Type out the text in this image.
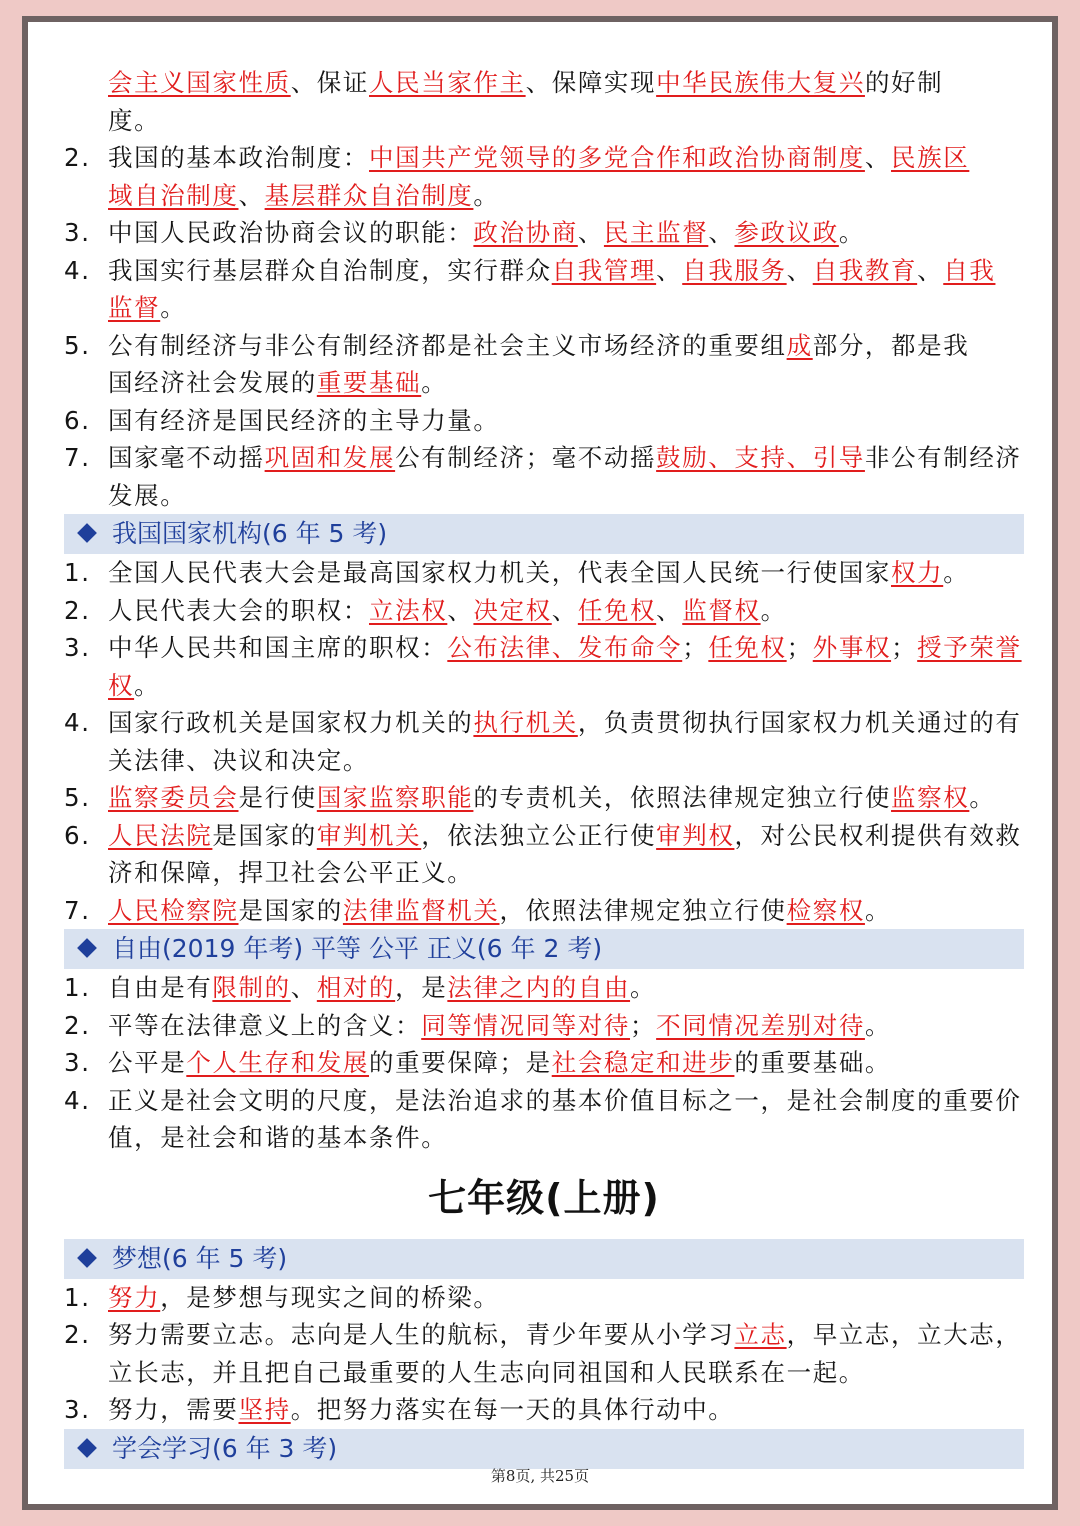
会主义国家性质、保证人民当家作主、保障实现中华民族伟大复兴的好制
度。
2. 我国的基本政治制度：中国共产党领导的多党合作和政治协商制度、民族区
域自治制度、基层群众自治制度。
3. 中国人民政治协商会议的职能：政治协商、民主监督、参政议政。
4. 我国实行基层群众自治制度，实行群众自我管理、自我服务、自我教育、自我
监督。
5. 公有制经济与非公有制经济都是社会主义市场经济的重要组成部分，都是我
国经济社会发展的重要基础。
6. 国有经济是国民经济的主导力量。
7. 国家毫不动摇巩固和发展公有制经济；毫不动摇鼓励、支持、引导非公有制经济
发展。
我国国家机构(6 年 5 考)
1. 全国人民代表大会是最高国家权力机关，代表全国人民统一行使国家权力。
2. 人民代表大会的职权：立法权、决定权、任免权、监督权。
3. 中华人民共和国主席的职权：公布法律、发布命令；任免权；外事权；授予荣誉
权。
4. 国家行政机关是国家权力机关的执行机关，负责贯彻执行国家权力机关通过的有
关法律、决议和决定。
5. 监察委员会是行使国家监察职能的专责机关，依照法律规定独立行使监察权。
6. 人民法院是国家的审判机关，依法独立公正行使审判权，对公民权利提供有效救
济和保障，捍卫社会公平正义。
7. 人民检察院是国家的法律监督机关，依照法律规定独立行使检察权。
自由(2019 年考) 平等 公平 正义(6 年 2 考)
1. 自由是有限制的、相对的，是法律之内的自由。
2. 平等在法律意义上的含义：同等情况同等对待；不同情况差别对待。
3. 公平是个人生存和发展的重要保障；是社会稳定和进步的重要基础。
4. 正义是社会文明的尺度，是法治追求的基本价值目标之一，是社会制度的重要价
值，是社会和谐的基本条件。
七年级(上册)
梦想(6 年 5 考)
1. 努力，是梦想与现实之间的桥梁。
2. 努力需要立志。志向是人生的航标，青少年要从小学习立志，早立志，立大志，
立长志，并且把自己最重要的人生志向同祖国和人民联系在一起。
3. 努力，需要坚持。把努力落实在每一天的具体行动中。
学会学习(6 年 3 考)
第8页, 共25页
